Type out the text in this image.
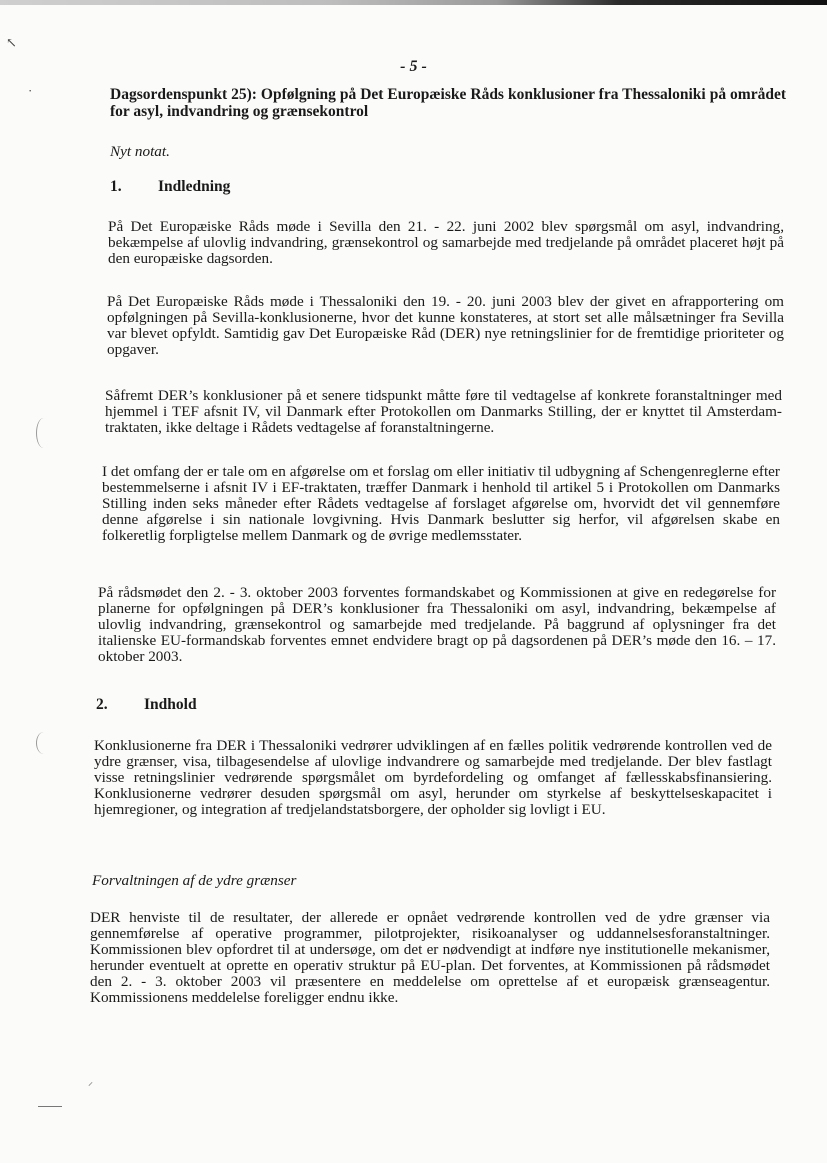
↖
·
⸝
- 5 -

Dagsordenspunkt 25): Opfølgning på Det Europæiske Råds konklusioner fra Thessaloniki på området for asyl, indvandring og grænsekontrol

Nyt notat.

1. Indledning

På Det Europæiske Råds møde i Sevilla den 21. - 22. juni 2002 blev spørgsmål om asyl, indvandring, bekæmpelse af ulovlig indvandring, grænsekontrol og samarbejde med tredjelande på området placeret højt på den europæiske dagsorden.

På Det Europæiske Råds møde i Thessaloniki den 19. - 20. juni 2003 blev der givet en afrapportering om opfølgningen på Sevilla-konklusionerne, hvor det kunne konstateres, at stort set alle målsætninger fra Sevilla var blevet opfyldt. Samtidig gav Det Europæiske Råd (DER) nye retningslinier for de fremtidige prioriteter og opgaver.

Såfremt DER’s konklusioner på et senere tidspunkt måtte føre til vedtagelse af konkrete foranstaltninger med hjemmel i TEF afsnit IV, vil Danmark efter Protokollen om Danmarks Stilling, der er knyttet til Amsterdam-traktaten, ikke deltage i Rådets vedtagelse af foranstaltningerne.

I det omfang der er tale om en afgørelse om et forslag om eller initiativ til udbygning af Schengenreglerne efter bestemmelserne i afsnit IV i EF-traktaten, træffer Danmark i henhold til artikel 5 i Protokollen om Danmarks Stilling inden seks måneder efter Rådets vedtagelse af forslaget afgørelse om, hvorvidt det vil gennemføre denne afgørelse i sin nationale lovgivning. Hvis Danmark beslutter sig herfor, vil afgørelsen skabe en folkeretlig forpligtelse mellem Danmark og de øvrige medlemsstater.

På rådsmødet den 2. - 3. oktober 2003 forventes formandskabet og Kommissionen at give en redegørelse for planerne for opfølgningen på DER’s konklusioner fra Thessaloniki om asyl, indvandring, bekæmpelse af ulovlig indvandring, grænsekontrol og samarbejde med tredjelande. På baggrund af oplysninger fra det italienske EU-formandskab forventes emnet endvidere bragt op på dagsordenen på DER’s møde den 16. – 17. oktober 2003.

2. Indhold

Konklusionerne fra DER i Thessaloniki vedrører udviklingen af en fælles politik vedrørende kontrollen ved de ydre grænser, visa, tilbagesendelse af ulovlige indvandrere og samarbejde med tredjelande. Der blev fastlagt visse retningslinier vedrørende spørgsmålet om byrdefordeling og omfanget af fællesskabsfinansiering. Konklusionerne vedrører desuden spørgsmål om asyl, herunder om styrkelse af beskyttelseskapacitet i hjemregioner, og integration af tredjelandstatsborgere, der opholder sig lovligt i EU.

Forvaltningen af de ydre grænser

DER henviste til de resultater, der allerede er opnået vedrørende kontrollen ved de ydre grænser via gennemførelse af operative programmer, pilotprojekter, risikoanalyser og uddannelsesforanstaltninger. Kommissionen blev opfordret til at undersøge, om det er nødvendigt at indføre nye institutionelle mekanismer, herunder eventuelt at oprette en operativ struktur på EU-plan. Det forventes, at Kommissionen på rådsmødet den 2. - 3. oktober 2003 vil præsentere en meddelelse om oprettelse af et europæisk grænseagentur. Kommissionens meddelelse foreligger endnu ikke.
